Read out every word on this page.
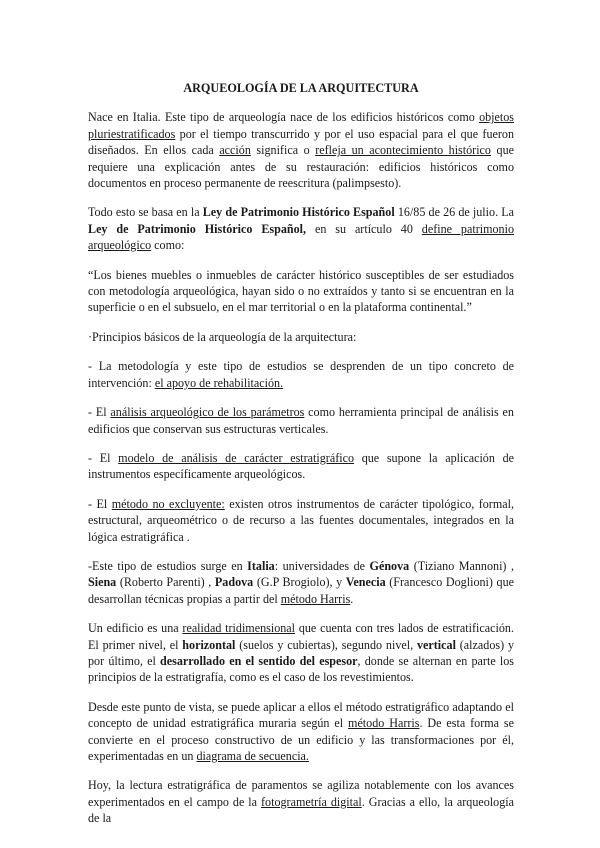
ARQUEOLOGÍA DE LA ARQUITECTURA

Nace en Italia. Este tipo de arqueología nace de los edificios históricos como objetos pluriestratificados por el tiempo transcurrido y por el uso espacial para el que fueron diseñados. En ellos cada acción significa o refleja un acontecimiento histórico que requiere una explicación antes de su restauración: edificios históricos como documentos en proceso permanente de reescritura (palimpsesto).

Todo esto se basa en la Ley de Patrimonio Histórico Español 16/85 de 26 de julio. La Ley de Patrimonio Histórico Español, en su artículo 40 define patrimonio arqueológico como:

“Los bienes muebles o inmuebles de carácter histórico susceptibles de ser estudiados con metodología arqueológica, hayan sido o no extraídos y tanto si se encuentran en la superficie o en el subsuelo, en el mar territorial o en la plataforma continental.”

·Principios básicos de la arqueología de la arquitectura:

- La metodología y este tipo de estudios se desprenden de un tipo concreto de intervención: el apoyo de rehabilitación.

- El análisis arqueológico de los parámetros como herramienta principal de análisis en edificios que conservan sus estructuras verticales.

- El modelo de análisis de carácter estratigráfico que supone la aplicación de instrumentos específicamente arqueológicos.

- El método no excluyente: existen otros instrumentos de carácter tipológico, formal, estructural, arqueométrico o de recurso a las fuentes documentales, integrados en la lógica estratigráfica .

-Este tipo de estudios surge en Italia: universidades de Génova (Tiziano Mannoni) , Siena (Roberto Parenti) , Padova (G.P Brogiolo), y Venecia (Francesco Doglioni) que desarrollan técnicas propias a partir del método Harris.

Un edificio es una realidad tridimensional que cuenta con tres lados de estratificación. El primer nivel, el horizontal (suelos y cubiertas), segundo nivel, vertical (alzados) y por último, el desarrollado en el sentido del espesor, donde se alternan en parte los principios de la estratigrafía, como es el caso de los revestimientos.

Desde este punto de vista, se puede aplicar a ellos el método estratigráfico adaptando el concepto de unidad estratigráfica muraria según el método Harris. De esta forma se convierte en el proceso constructivo de un edificio y las transformaciones por él, experimentadas en un diagrama de secuencia.

Hoy, la lectura estratigráfica de paramentos se agiliza notablemente con los avances experimentados en el campo de la fotogrametría digital. Gracias a ello, la arqueología de la
